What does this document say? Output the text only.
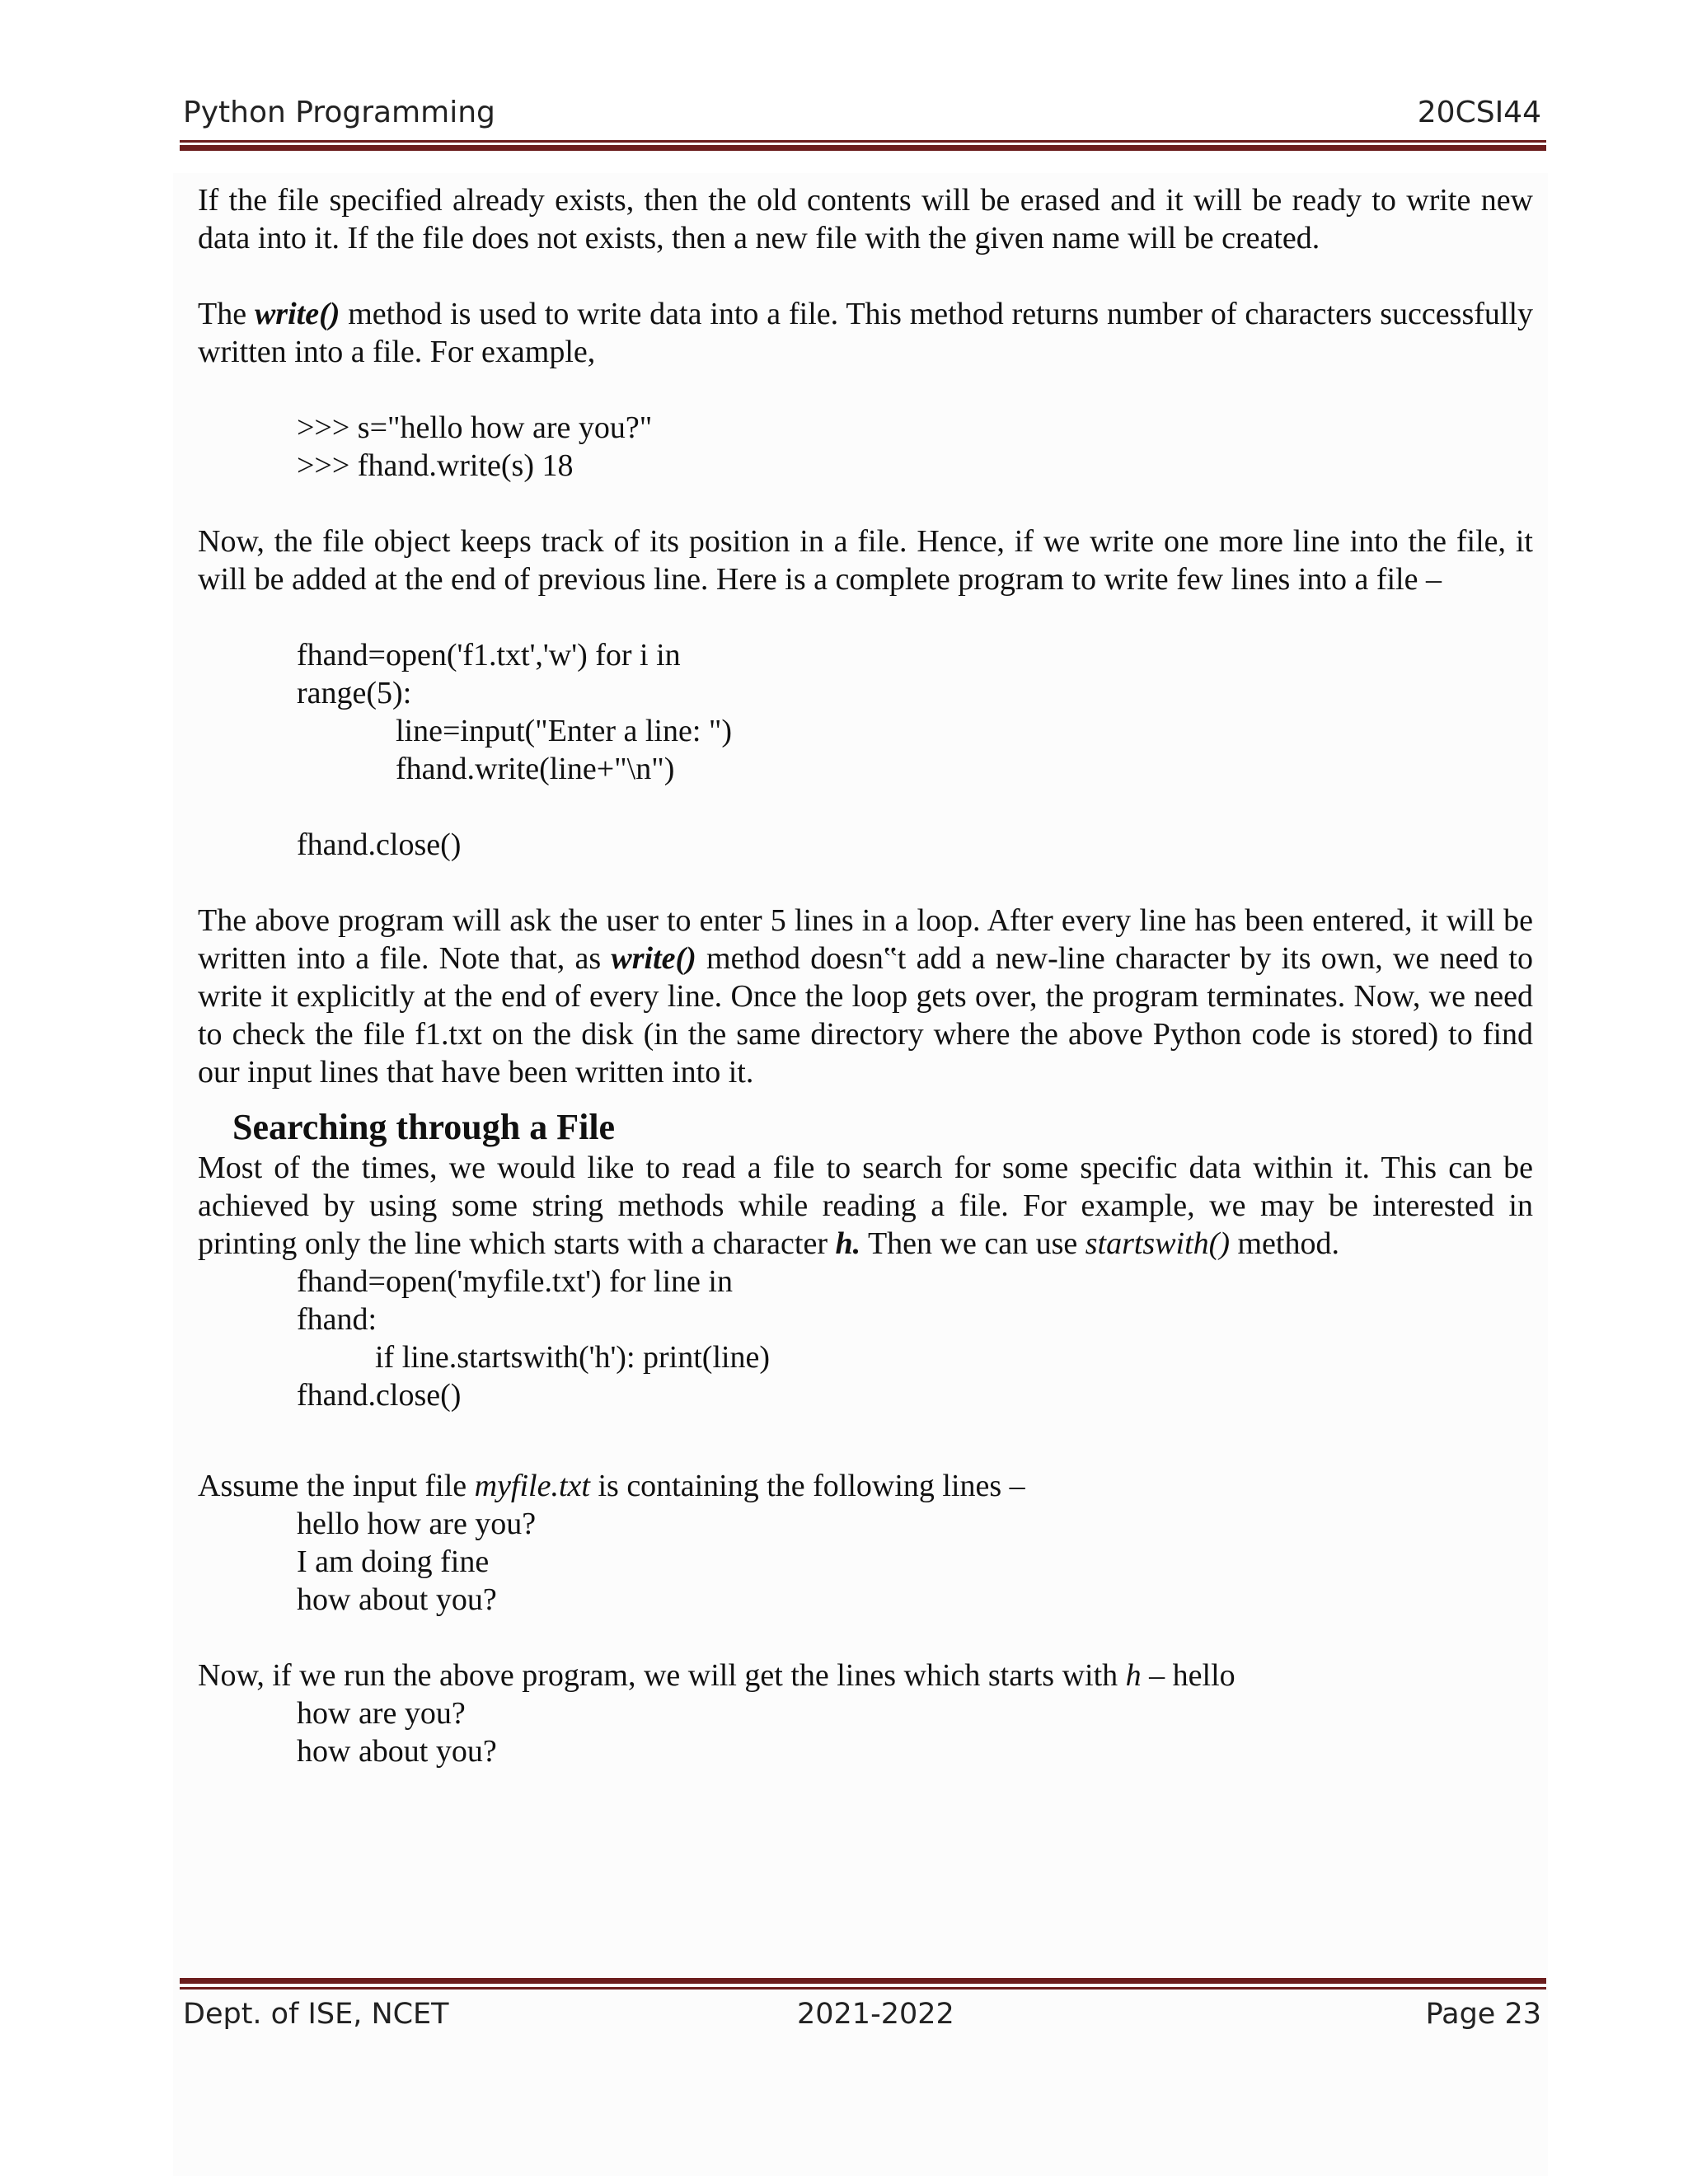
Python Programming	20CSI44

If the file specified already exists, then the old contents will be erased and it will be ready to write new data into it. If the file does not exists, then a new file with the given name will be created.

The write() method is used to write data into a file. This method returns number of characters successfully written into a file. For example,

>>> s="hello how are you?"

>>> fhand.write(s) 18

Now, the file object keeps track of its position in a file. Hence, if we write one more line into the file, it will be added at the end of previous line. Here is a complete program to write few lines into a file –

fhand=open('f1.txt','w') for i in

range(5):

line=input("Enter a line: ")

fhand.write(line+"\n")

fhand.close()

The above program will ask the user to enter 5 lines in a loop. After every line has been entered, it will be written into a file. Note that, as write() method doesn‟t add a new-line character by its own, we need to write it explicitly at the end of every line. Once the loop gets over, the program terminates. Now, we need to check the file f1.txt on the disk (in the same directory where the above Python code is stored) to find our input lines that have been written into it.

Searching through a File

Most of the times, we would like to read a file to search for some specific data within it. This can be achieved by using some string methods while reading a file. For example, we may be interested in printing only the line which starts with a character h. Then we can use startswith() method.

fhand=open('myfile.txt') for line in

fhand:

if line.startswith('h'): print(line)

fhand.close()

Assume the input file myfile.txt is containing the following lines –

hello how are you?

I am doing fine

how about you?

Now, if we run the above program, we will get the lines which starts with h – hello

how are you?

how about you?

Dept. of ISE, NCET	2021-2022	Page 23
